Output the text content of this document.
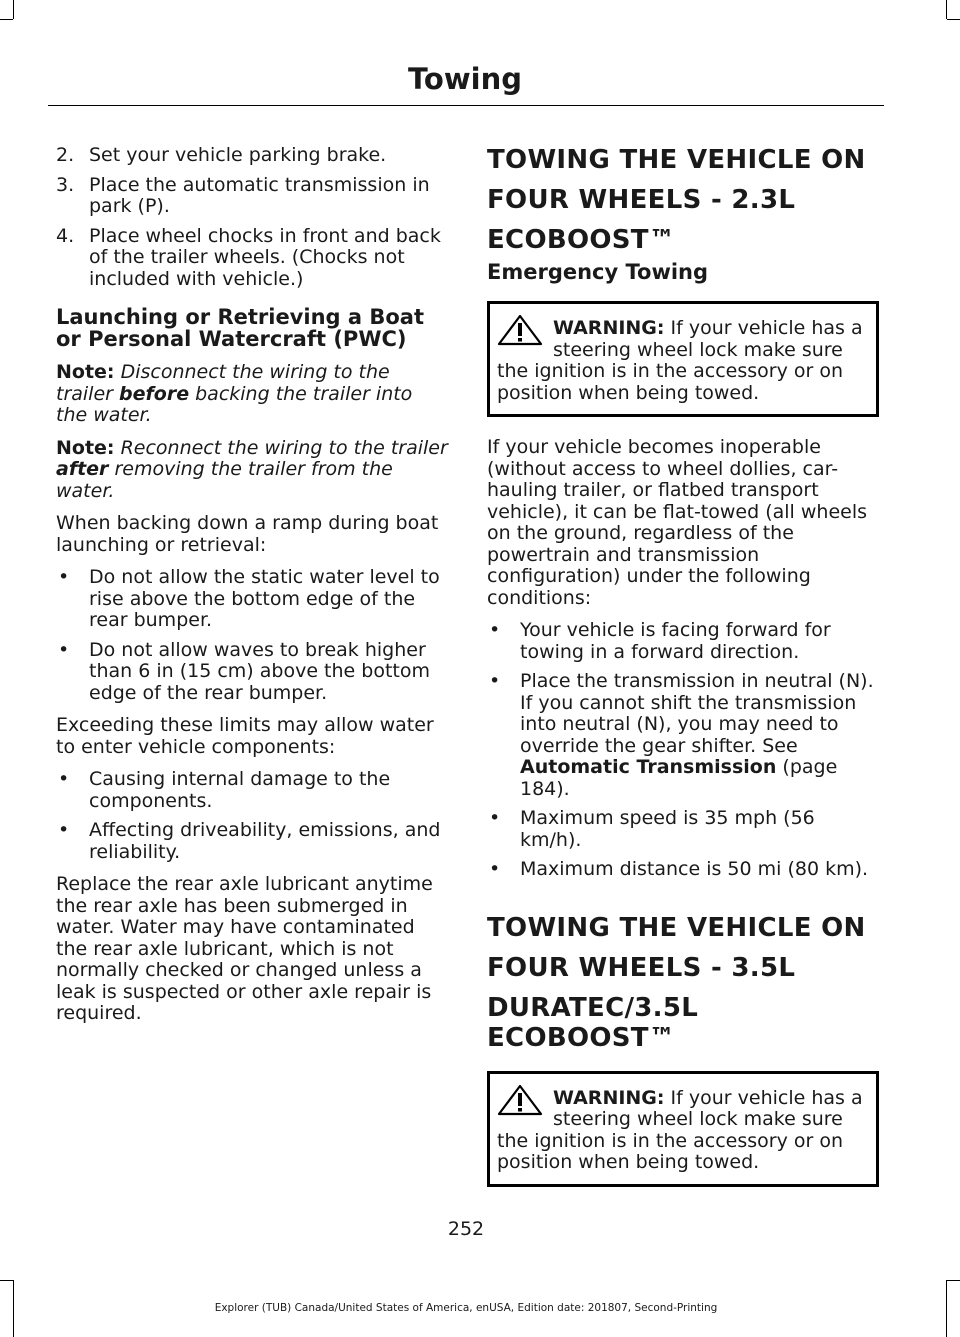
Towing
2. Set your vehicle parking brake.
3. Place the automatic transmission in park (P).
4. Place wheel chocks in front and back of the trailer wheels. (Chocks not included with vehicle.)
Launching or Retrieving a Boat or Personal Watercraft (PWC)

Note: Disconnect the wiring to the trailer before backing the trailer into the water.

Note: Reconnect the wiring to the trailer after removing the trailer from the water.

When backing down a ramp during boat launching or retrieval:

• Do not allow the static water level to rise above the bottom edge of the rear bumper.
• Do not allow waves to break higher than 6 in (15 cm) above the bottom edge of the rear bumper.

Exceeding these limits may allow water to enter vehicle components:

• Causing internal damage to the components.
• Affecting driveability, emissions, and reliability.

Replace the rear axle lubricant anytime the rear axle has been submerged in water. Water may have contaminated the rear axle lubricant, which is not normally checked or changed unless a leak is suspected or other axle repair is required.

TOWING THE VEHICLE ON
FOUR WHEELS - 2.3L
ECOBOOST™
Emergency Towing
WARNING: If your vehicle has a steering wheel lock make sure the ignition is in the accessory or on position when being towed.

If your vehicle becomes inoperable (without access to wheel dollies, car-hauling trailer, or flatbed transport vehicle), it can be flat-towed (all wheels on the ground, regardless of the powertrain and transmission configuration) under the following conditions:

• Your vehicle is facing forward for towing in a forward direction.
• Place the transmission in neutral (N). If you cannot shift the transmission into neutral (N), you may need to override the gear shifter. See Automatic Transmission (page 184).
• Maximum speed is 35 mph (56 km/h).
• Maximum distance is 50 mi (80 km).
TOWING THE VEHICLE ON
FOUR WHEELS - 3.5L
DURATEC/3.5L ECOBOOST™
WARNING: If your vehicle has a steering wheel lock make sure the ignition is in the accessory or on position when being towed.
252
Explorer (TUB) Canada/United States of America, enUSA, Edition date: 201807, Second-Printing
